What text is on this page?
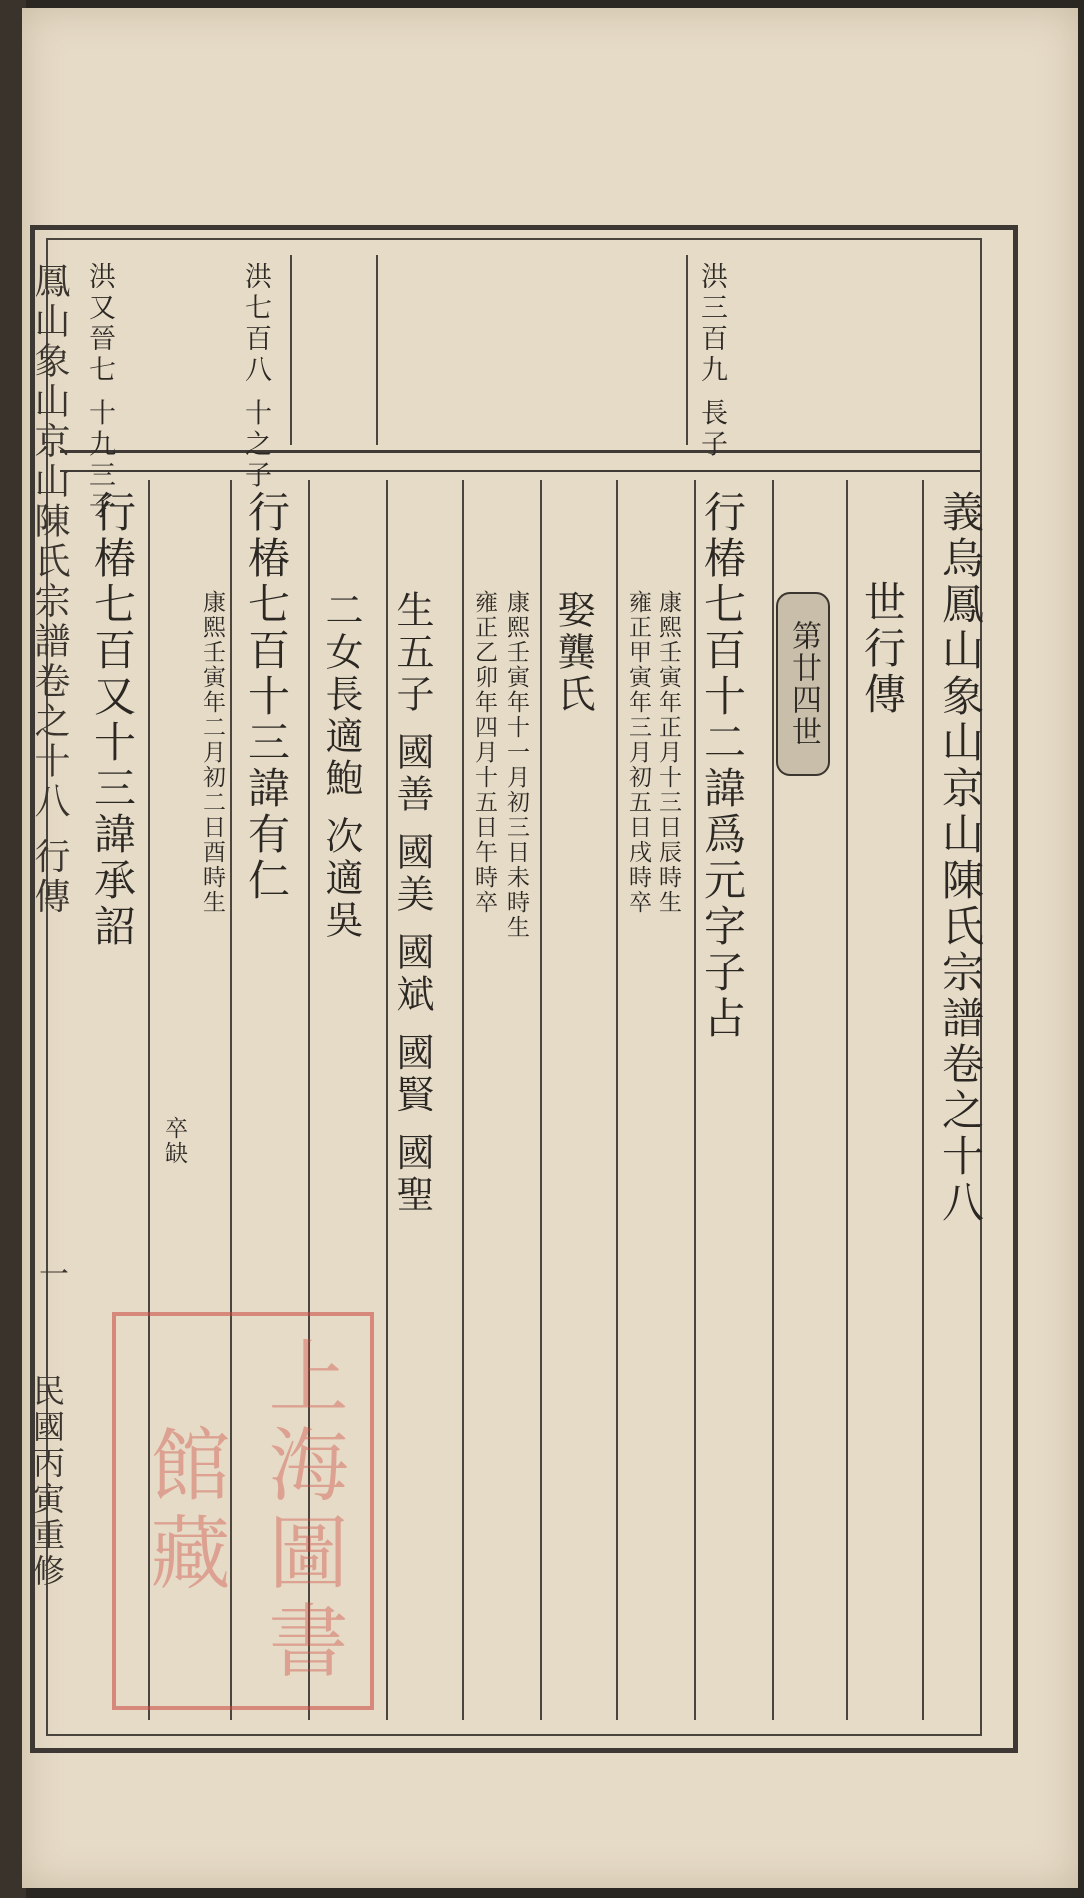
鳳山象山京山陳氏宗譜卷之十八 行傳
一
民國丙寅重修
洪三百九 長子
洪七百八 十之子
洪又晉七 十九三子
義烏鳳山象山京山陳氏宗譜卷之十八
世行傳
第廿四世
行椿七百十二諱爲元字子占
康熙壬寅年正月十三日辰時生
雍正甲寅年三月初五日戌時卒
娶龔氏
康熙壬寅年十一月初三日未時生
雍正乙卯年四月十五日午時卒
生五子 國善 國美 國斌 國賢 國聖
二女長適鮑 次適吳
行椿七百十三諱有仁
康熙壬寅年二月初二日酉時生
卒缺
行椿七百又十三諱承詔
上海圖書館藏
